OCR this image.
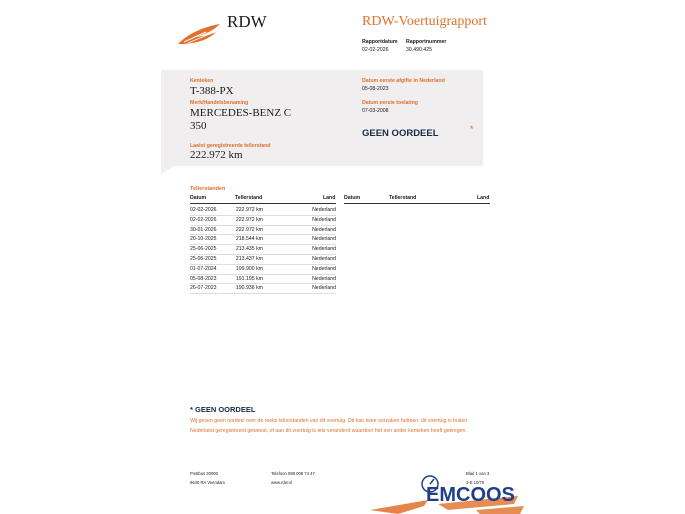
RDW	RDW-Voertuigrapport
Rapportdatum
02-02-2026
Rapportnummer
30.490.425
Kenteken
T-388-PX
Merk/Handelsbenaming
MERCEDES-BENZ C
350
Laatst geregistreerde tellerstand
222.972 km
Datum eerste afgifte in Nederland
05-08-2023
Datum eerste toelating
07-03-2008
GEEN OORDEEL	*
Tellerstanden
Datum	Tellerstand	Land Datum	Tellerstand	Land
02-02-2026	222.972 km	Nederland
02-02-2026	222.972 km	Nederland
30-01-2026	222.972 km	Nederland
20-10-2025	218.544 km	Nederland
25-06-2025	213.435 km	Nederland
25-06-2025	213.437 km	Nederland
01-07-2024	199.900 km	Nederland
05-08-2023	191.195 km	Nederland
26-07-2023	190.936 km	Nederland
* GEEN OORDEEL
Wij geven geen oordeel over de reeks tellerstanden van dit voertuig. Dit kan twee oorzaken hebben: dit voertuig is buiten Nederland geregistreerd geweest, of aan dit voertuig is iets veranderd waardoor het een ander kenteken heeft gekregen.
Postbus 30000
9640 RA Veendam
Telefoon 088 008 74 47
www.rdw.nl
Blad 1 van 3
3-E 10/70
EMCOOS
